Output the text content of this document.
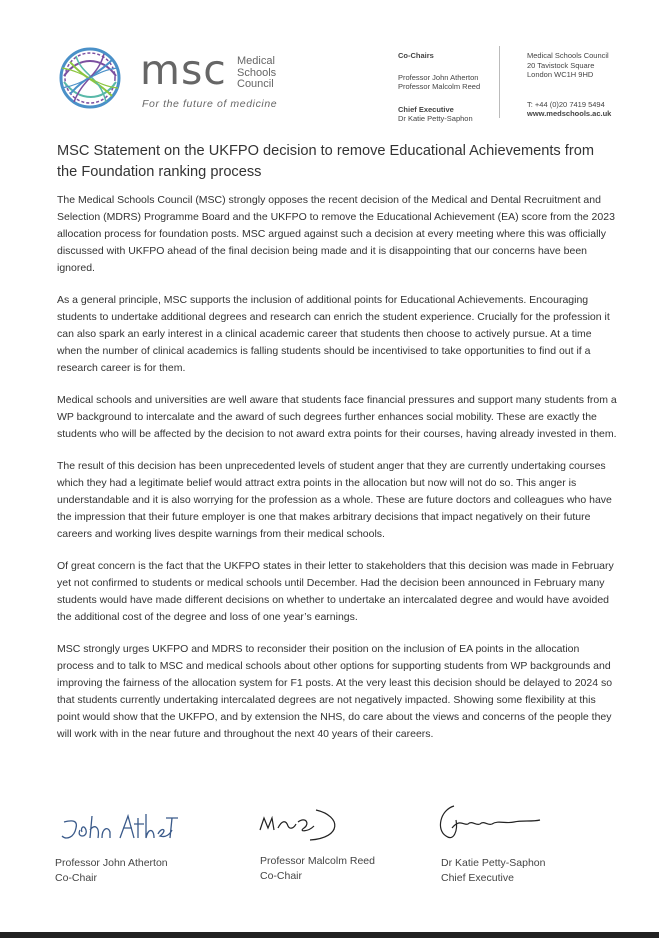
msc Medical
Schools
Council
For the future of medicine
Co-Chairs
Professor John Atherton
Professor Malcolm Reed
Chief Executive
Dr Katie Petty-Saphon
Medical Schools Council
20 Tavistock Square
London WC1H 9HD
T: +44 (0)20 7419 5494
www.medschools.ac.uk
MSC Statement on the UKFPO decision to remove Educational Achievements from the Foundation ranking process

The Medical Schools Council (MSC) strongly opposes the recent decision of the Medical and Dental Recruitment and Selection (MDRS) Programme Board and the UKFPO to remove the Educational Achievement (EA) score from the 2023 allocation process for foundation posts. MSC argued against such a decision at every meeting where this was officially discussed with UKFPO ahead of the final decision being made and it is disappointing that our concerns have been ignored.

As a general principle, MSC supports the inclusion of additional points for Educational Achievements. Encouraging students to undertake additional degrees and research can enrich the student experience. Crucially for the profession it can also spark an early interest in a clinical academic career that students then choose to actively pursue. At a time when the number of clinical academics is falling students should be incentivised to take opportunities to find out if a research career is for them.

Medical schools and universities are well aware that students face financial pressures and support many students from a WP background to intercalate and the award of such degrees further enhances social mobility. These are exactly the students who will be affected by the decision to not award extra points for their courses, having already invested in them.

The result of this decision has been unprecedented levels of student anger that they are currently undertaking courses which they had a legitimate belief would attract extra points in the allocation but now will not do so. This anger is understandable and it is also worrying for the profession as a whole. These are future doctors and colleagues who have the impression that their future employer is one that makes arbitrary decisions that impact negatively on their future careers and working lives despite warnings from their medical schools.

Of great concern is the fact that the UKFPO states in their letter to stakeholders that this decision was made in February yet not confirmed to students or medical schools until December. Had the decision been announced in February many students would have made different decisions on whether to undertake an intercalated degree and would have avoided the additional cost of the degree and loss of one year’s earnings.

MSC strongly urges UKFPO and MDRS to reconsider their position on the inclusion of EA points in the allocation process and to talk to MSC and medical schools about other options for supporting students from WP backgrounds and improving the fairness of the allocation system for F1 posts. At the very least this decision should be delayed to 2024 so that students currently undertaking intercalated degrees are not negatively impacted. Showing some flexibility at this point would show that the UKFPO, and by extension the NHS, do care about the views and concerns of the people they will work with in the near future and throughout the next 40 years of their careers.

Professor John Atherton
Co-Chair
Professor Malcolm Reed
Co-Chair
Dr Katie Petty-Saphon
Chief Executive
